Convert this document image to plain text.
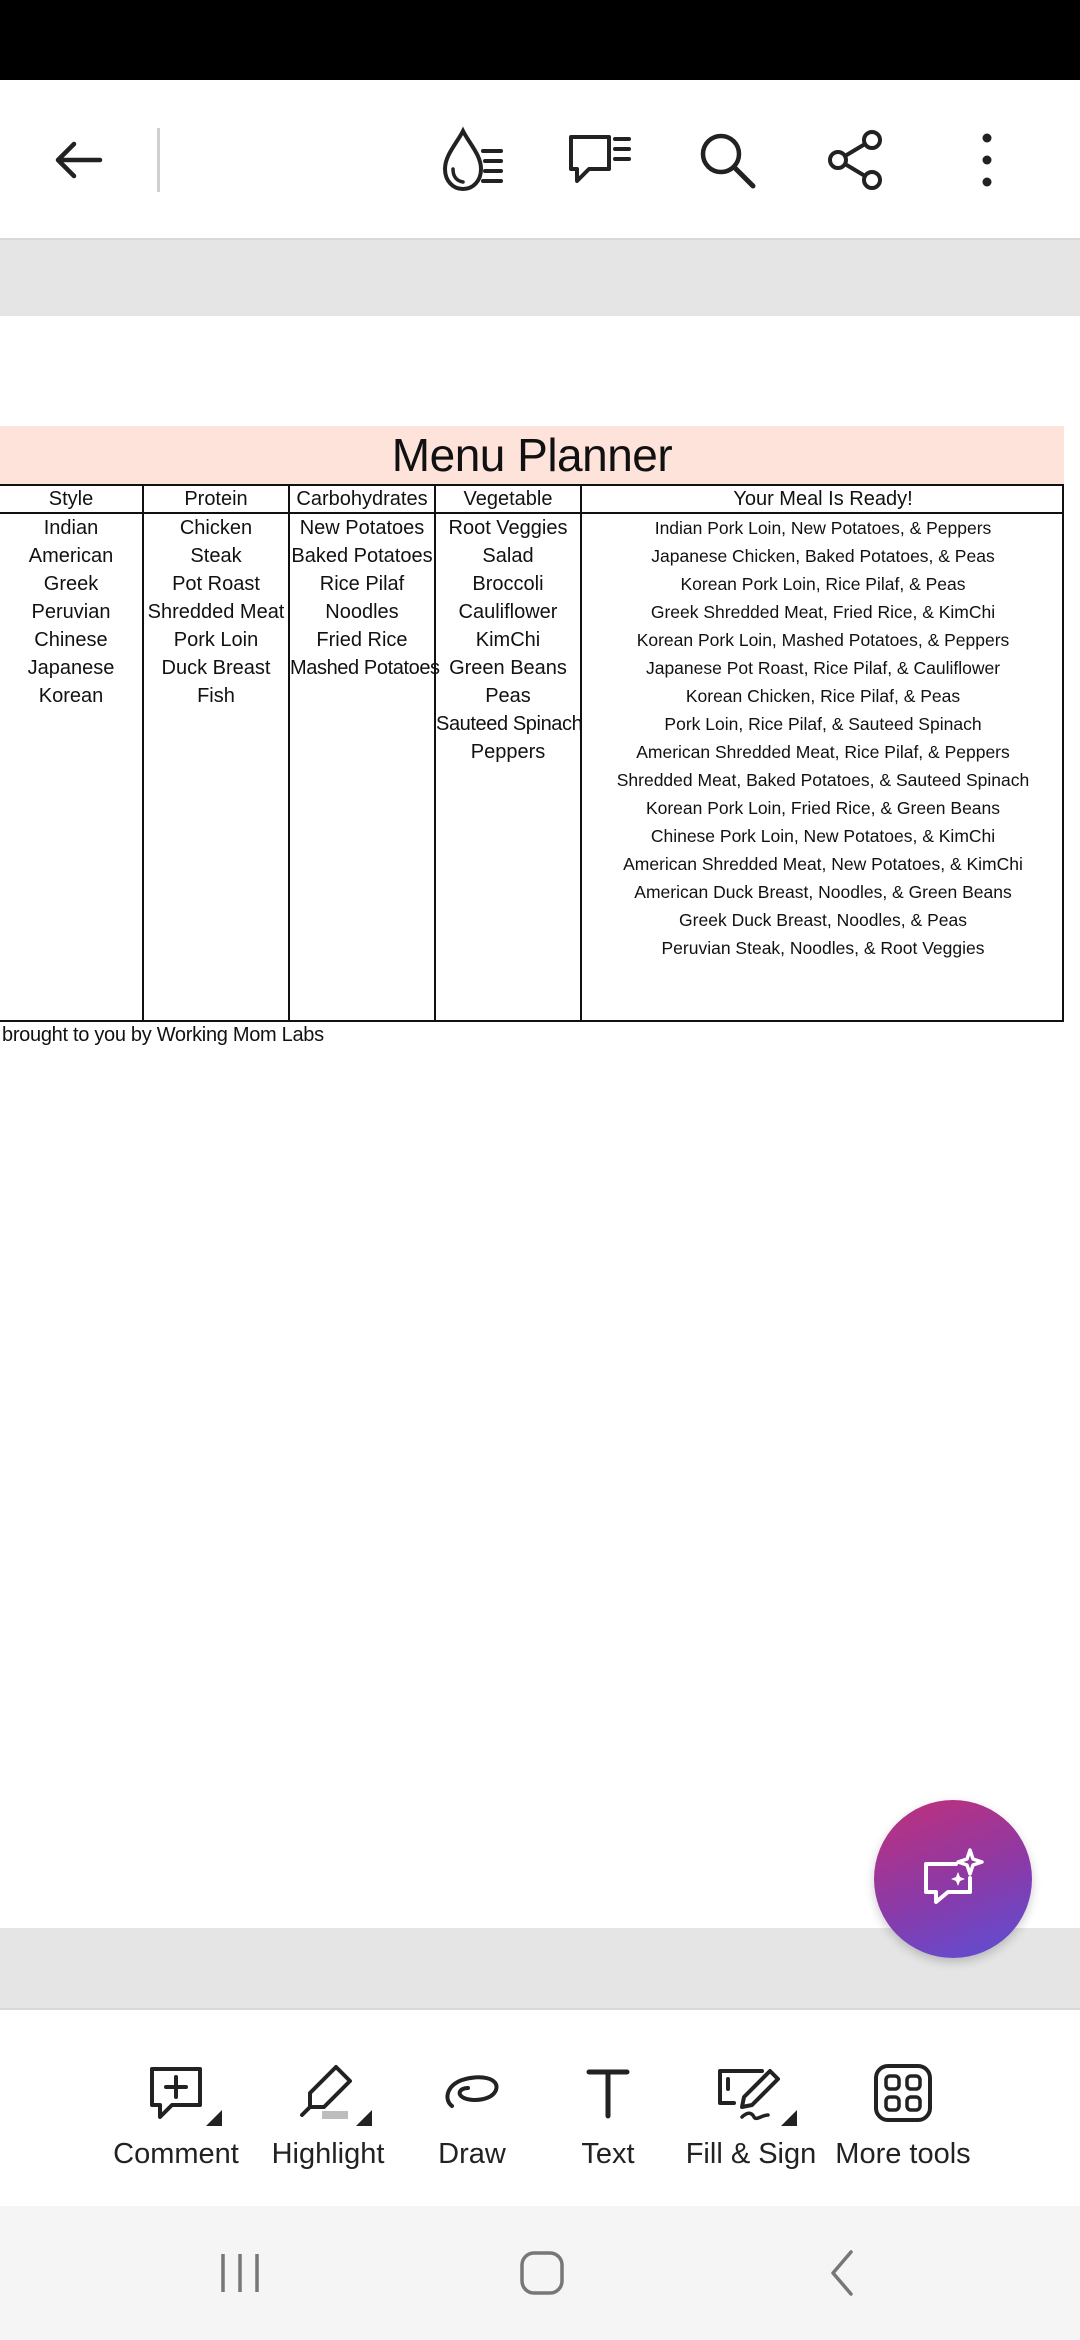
Menu Planner
Style
Indian
American
Greek
Peruvian
Chinese
Japanese
Korean
Protein
Chicken
Steak
Pot Roast
Shredded Meat
Pork Loin
Duck Breast
Fish
Carbohydrates
New Potatoes
Baked Potatoes
Rice Pilaf
Noodles
Fried Rice
Mashed Potatoes
Vegetable
Root Veggies
Salad
Broccoli
Cauliflower
KimChi
Green Beans
Peas
Sauteed Spinach
Peppers
Your Meal Is Ready!
Indian Pork Loin, New Potatoes, & Peppers
Japanese Chicken, Baked Potatoes, & Peas
Korean Pork Loin, Rice Pilaf, & Peas
Greek Shredded Meat, Fried Rice, & KimChi
Korean Pork Loin, Mashed Potatoes, & Peppers
Japanese Pot Roast, Rice Pilaf, & Cauliflower
Korean Chicken, Rice Pilaf, & Peas
Pork Loin, Rice Pilaf, & Sauteed Spinach
American Shredded Meat, Rice Pilaf, & Peppers
Shredded Meat, Baked Potatoes, & Sauteed Spinach
Korean Pork Loin, Fried Rice, & Green Beans
Chinese Pork Loin, New Potatoes, & KimChi
American Shredded Meat, New Potatoes, & KimChi
American Duck Breast, Noodles, & Green Beans
Greek Duck Breast, Noodles, & Peas
Peruvian Steak, Noodles, & Root Veggies
brought to you by Working Mom Labs
Comment Highlight Draw	Text Fill & Sign More tools
